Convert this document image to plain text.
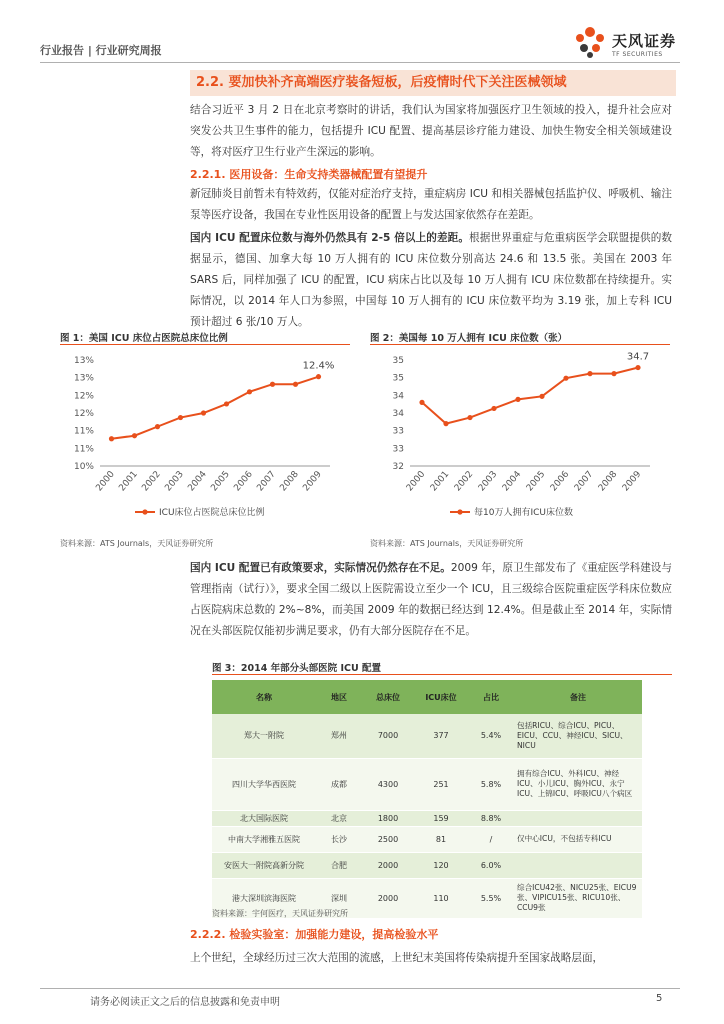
行业报告 | 行业研究周报
天风证券
TF SECURITIES
2.2. 要加快补齐高端医疗装备短板，后疫情时代下关注医械领域
结合习近平 3 月 2 日在北京考察时的讲话，我们认为国家将加强医疗卫生领域的投入，提升社会应对突发公共卫生事件的能力，包括提升 ICU 配置、提高基层诊疗能力建设、加快生物安全相关领域建设等，将对医疗卫生行业产生深远的影响。
2.2.1. 医用设备：生命支持类器械配置有望提升
新冠肺炎目前暂未有特效药，仅能对症治疗支持，重症病房 ICU 和相关器械包括监护仪、呼吸机、输注泵等医疗设备，我国在专业性医用设备的配置上与发达国家依然存在差距。
国内 ICU 配置床位数与海外仍然具有 2-5 倍以上的差距。根据世界重症与危重病医学会联盟提供的数据显示，德国、加拿大每 10 万人拥有的 ICU 床位数分别高达 24.6 和 13.5 张。美国在 2003 年 SARS 后，同样加强了 ICU 的配置，ICU 病床占比以及每 10 万人拥有 ICU 床位数都在持续提升。实际情况，以 2014 年人口为参照，中国每 10 万人拥有的 ICU 床位数平均为 3.19 张，加上专科 ICU 预计超过 6 张/10 万人。
图 1：美国 ICU 床位占医院总床位比例
10%
11%
11%
12%
12%
13%
13%
2000 2001 2002 2003 2004 2005 2006 2007 2008 2009
12.4%
ICU床位占医院总床位比例
资料来源：ATS Journals，天风证券研究所
图 2：美国每 10 万人拥有 ICU 床位数（张）
32
33
33
34
34
35
35
2000 2001 2002 2003 2004 2005 2006 2007 2008 2009
34.7
每10万人拥有ICU床位数
资料来源：ATS Journals，天风证券研究所
国内 ICU 配置已有政策要求，实际情况仍然存在不足。2009 年，原卫生部发布了《重症医学科建设与管理指南（试行）》，要求全国二级以上医院需设立至少一个 ICU，且三级综合医院重症医学科床位数应占医院病床总数的 2%~8%，而美国 2009 年的数据已经达到 12.4%。但是截止至 2014 年，实际情况在头部医院仅能初步满足要求，仍有大部分医院存在不足。
图 3：2014 年部分头部医院 ICU 配置
名称	地区	总床位	ICU床位	占比	备注
郑大一附院	郑州	7000	377	5.4%	包括RICU、综合ICU、PICU、EICU、CCU、神经ICU、SICU、NICU
四川大学华西医院	成都	4300	251	5.8%	拥有综合ICU、外科ICU、神经ICU、小儿ICU、胸外ICU、永宁ICU、上锦ICU、呼吸ICU八个病区
北大国际医院	北京	1800	159	8.8%	
中南大学湘雅五医院	长沙	2500	81	/	仅中心ICU，不包括专科ICU
安医大一附院高新分院	合肥	2000	120	6.0%	
港大深圳滨海医院	深圳	2000	110	5.5%	综合ICU42张、NICU25张、EICU9张、VIPICU15张、RICU10张、CCU9张
资料来源：宇何医疗，天风证券研究所
2.2.2. 检验实验室：加强能力建设，提高检验水平
上个世纪，全球经历过三次大范围的流感，上世纪末美国将传染病提升至国家战略层面，
请务必阅读正文之后的信息披露和免责申明	5
